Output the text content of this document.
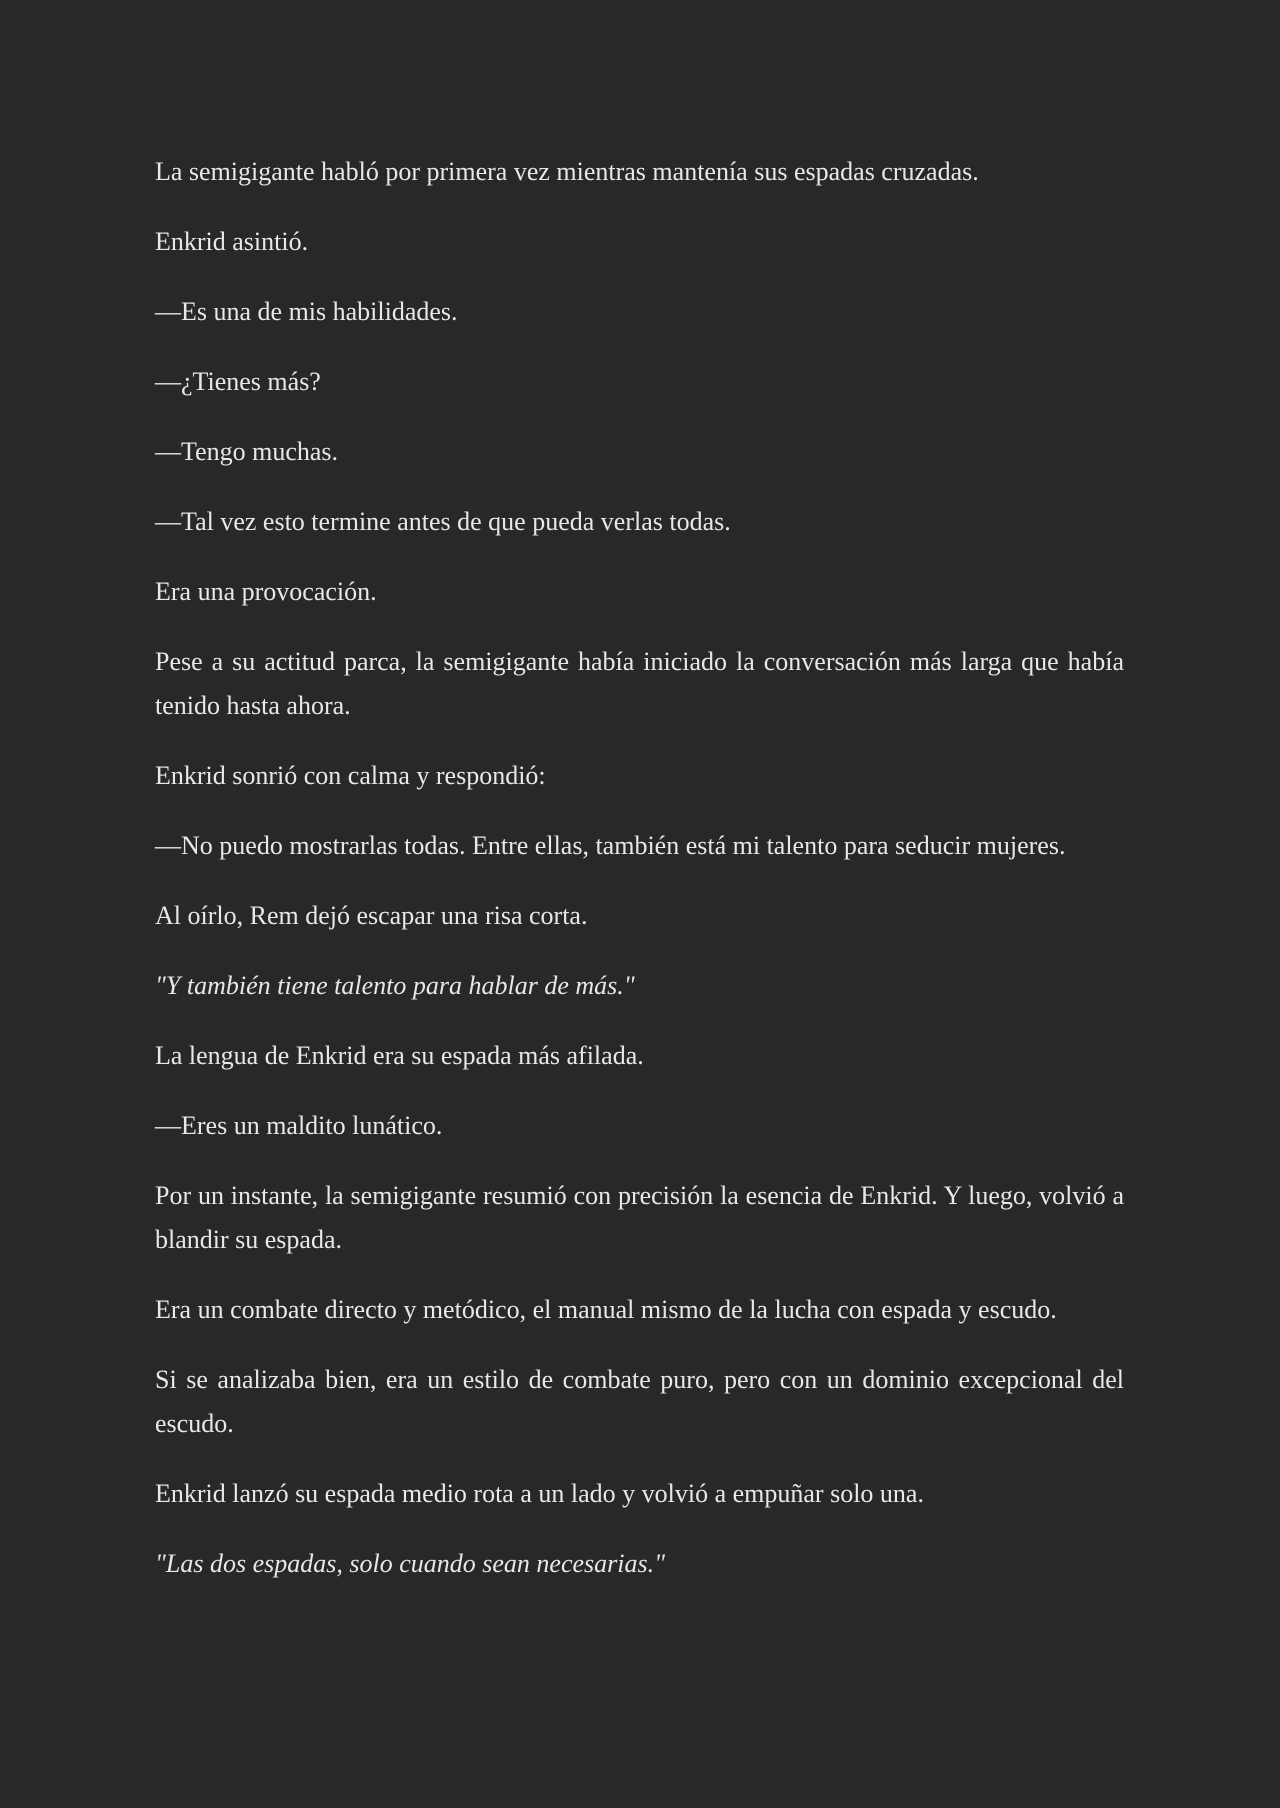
La semigigante habló por primera vez mientras mantenía sus espadas cruzadas.

Enkrid asintió.

—Es una de mis habilidades.

—¿Tienes más?

—Tengo muchas.

—Tal vez esto termine antes de que pueda verlas todas.

Era una provocación.

Pese a su actitud parca, la semigigante había iniciado la conversación más larga que había tenido hasta ahora.

Enkrid sonrió con calma y respondió:

—No puedo mostrarlas todas. Entre ellas, también está mi talento para seducir mujeres.

Al oírlo, Rem dejó escapar una risa corta.

"Y también tiene talento para hablar de más."

La lengua de Enkrid era su espada más afilada.

—Eres un maldito lunático.

Por un instante, la semigigante resumió con precisión la esencia de Enkrid. Y luego, volvió a blandir su espada.

Era un combate directo y metódico, el manual mismo de la lucha con espada y escudo.

Si se analizaba bien, era un estilo de combate puro, pero con un dominio excepcional del escudo.

Enkrid lanzó su espada medio rota a un lado y volvió a empuñar solo una.

"Las dos espadas, solo cuando sean necesarias."
